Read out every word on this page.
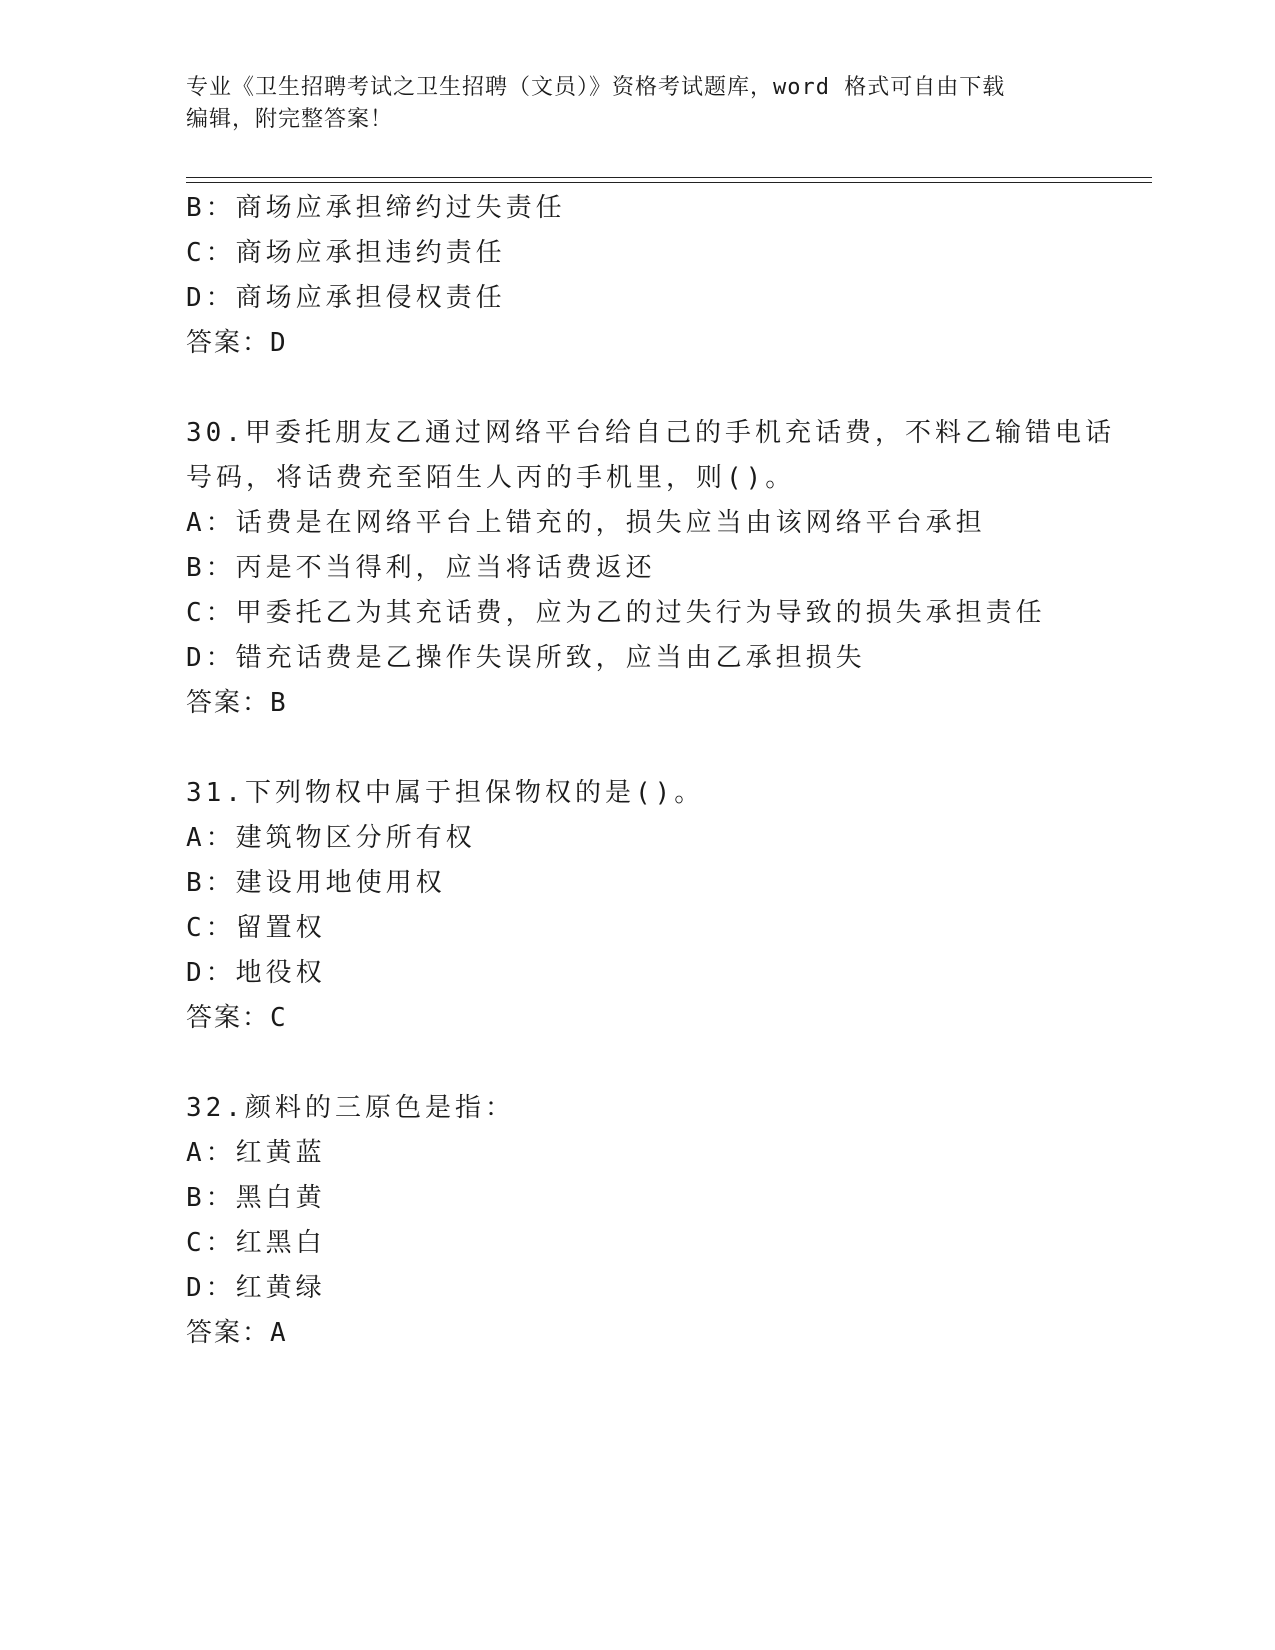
专业《卫生招聘考试之卫生招聘（文员）》资格考试题库，word 格式可自由下载
编辑，附完整答案！
B：商场应承担缔约过失责任
C：商场应承担违约责任
D：商场应承担侵权责任
答案：D
30.甲委托朋友乙通过网络平台给自己的手机充话费，不料乙输错电话
号码，将话费充至陌生人丙的手机里，则()。
A：话费是在网络平台上错充的，损失应当由该网络平台承担
B：丙是不当得利，应当将话费返还
C：甲委托乙为其充话费，应为乙的过失行为导致的损失承担责任
D：错充话费是乙操作失误所致，应当由乙承担损失
答案：B
31.下列物权中属于担保物权的是()。
A：建筑物区分所有权
B：建设用地使用权
C：留置权
D：地役权
答案：C
32.颜料的三原色是指：
A：红黄蓝
B：黑白黄
C：红黑白
D：红黄绿
答案：A
